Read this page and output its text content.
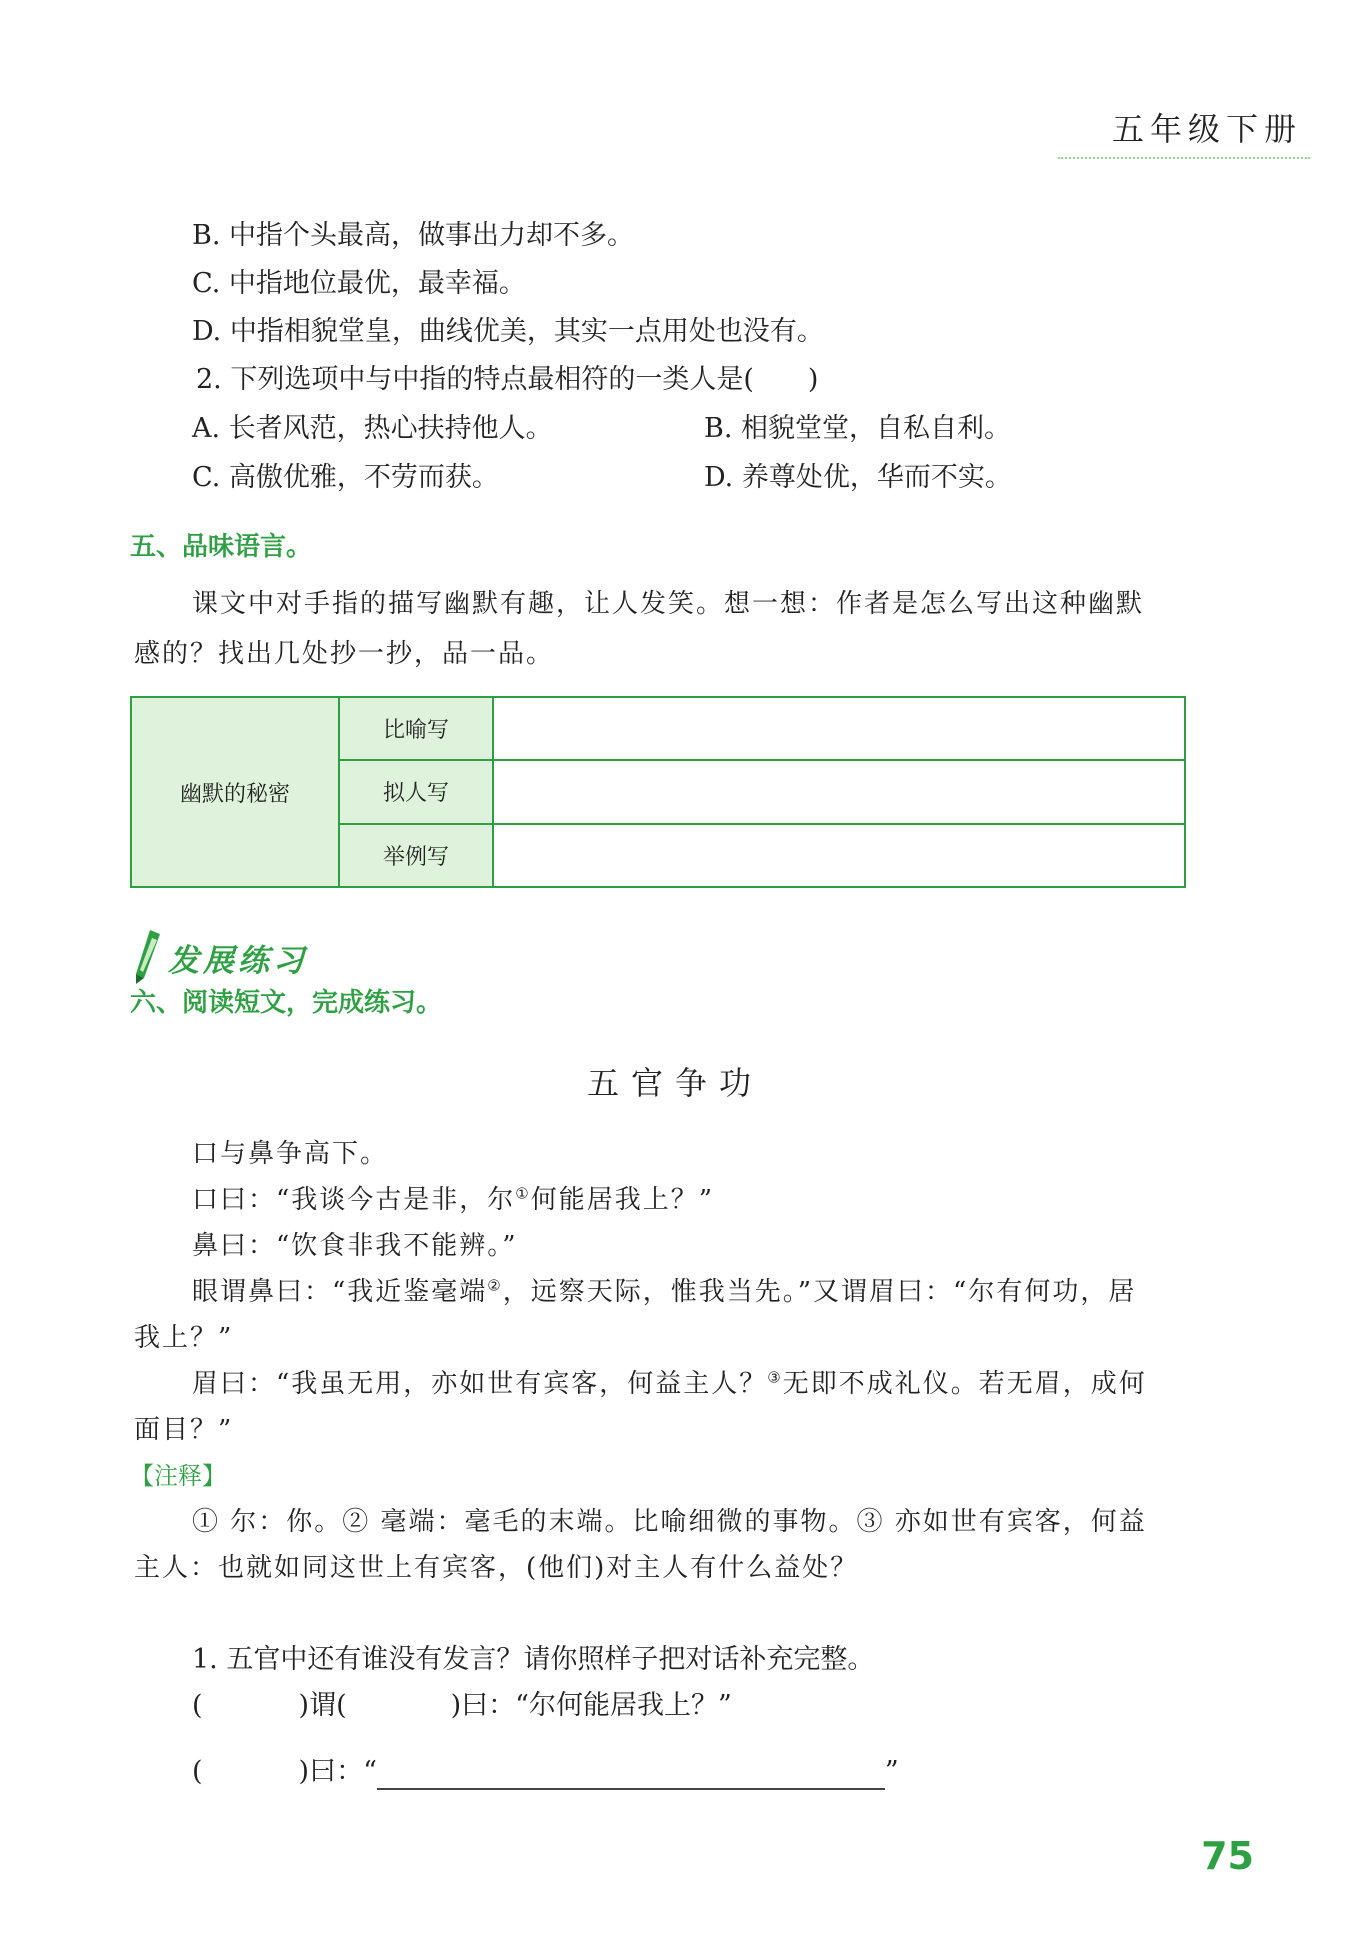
五年级下册
B. 中指个头最高，做事出力却不多。
C. 中指地位最优，最幸福。
D. 中指相貌堂皇，曲线优美，其实一点用处也没有。
2. 下列选项中与中指的特点最相符的一类人是(　　)
A. 长者风范，热心扶持他人。	B. 相貌堂堂，自私自利。
C. 高傲优雅，不劳而获。	D. 养尊处优，华而不实。
五、品味语言。
课文中对手指的描写幽默有趣，让人发笑。想一想：作者是怎么写出这种幽默
感的？找出几处抄一抄，品一品。
幽默的秘密	比喻写	
	拟人写	
	举例写	
发展练习
六、阅读短文，完成练习。
五官争功
口与鼻争高下。
口曰：“我谈今古是非，尔①何能居我上？”
鼻曰：“饮食非我不能辨。”
眼谓鼻曰：“我近鉴毫端②，远察天际，惟我当先。”又谓眉曰：“尔有何功，居
我上？”
眉曰：“我虽无用，亦如世有宾客，何益主人？③无即不成礼仪。若无眉，成何
面目？”
【注释】
① 尔：你。② 毫端：毫毛的末端。比喻细微的事物。③ 亦如世有宾客，何益
主人：也就如同这世上有宾客，(他们)对主人有什么益处？
1. 五官中还有谁没有发言？请你照样子把对话补充完整。
(	)谓(	)曰：“尔何能居我上？”
(	)曰：“	”
75
